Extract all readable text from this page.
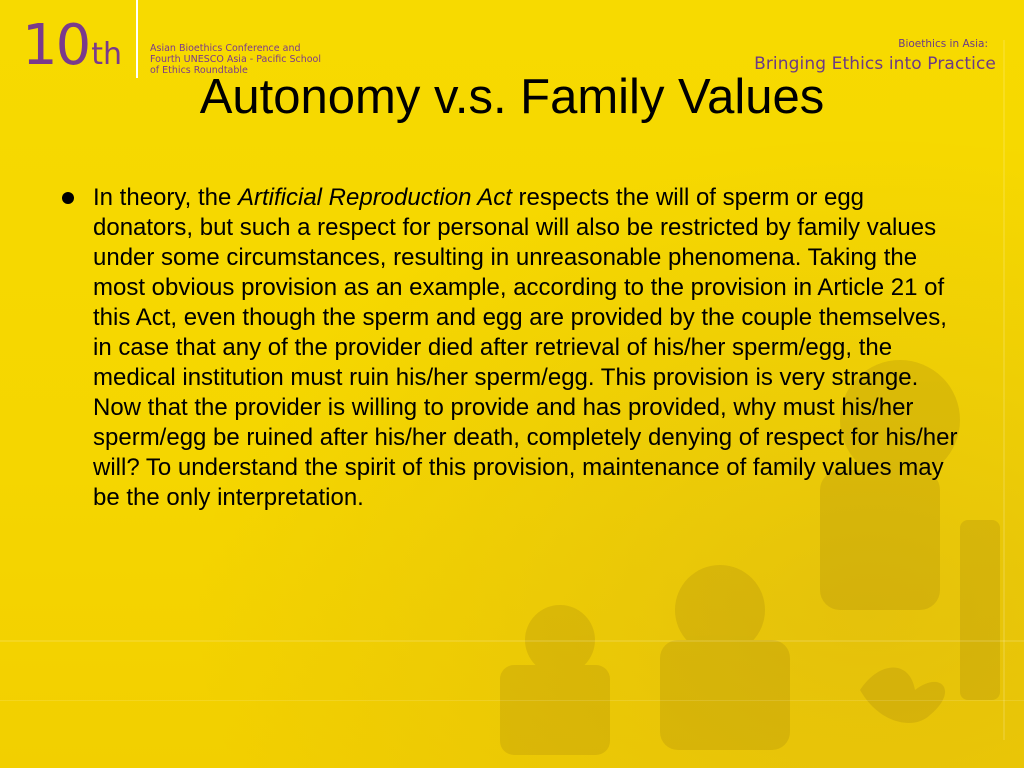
10 th	Asian Bioethics Conference and
Fourth UNESCO Asia - Pacific School
of Ethics Roundtable
Bioethics in Asia:
Bringing Ethics into Practice
Autonomy v.s. Family Values
In theory, the Artificial Reproduction Act respects the will of sperm or egg donators, but such a respect for personal will also be restricted by family values under some circumstances, resulting in unreasonable phenomena. Taking the most obvious provision as an example, according to the provision in Article 21 of this Act, even though the sperm and egg are provided by the couple themselves, in case that any of the provider died after retrieval of his/her sperm/egg, the medical institution must ruin his/her sperm/egg. This provision is very strange. Now that the provider is willing to provide and has provided, why must his/her sperm/egg be ruined after his/her death, completely denying of respect for his/her will? To understand the spirit of this provision, maintenance of family values may be the only interpretation.
